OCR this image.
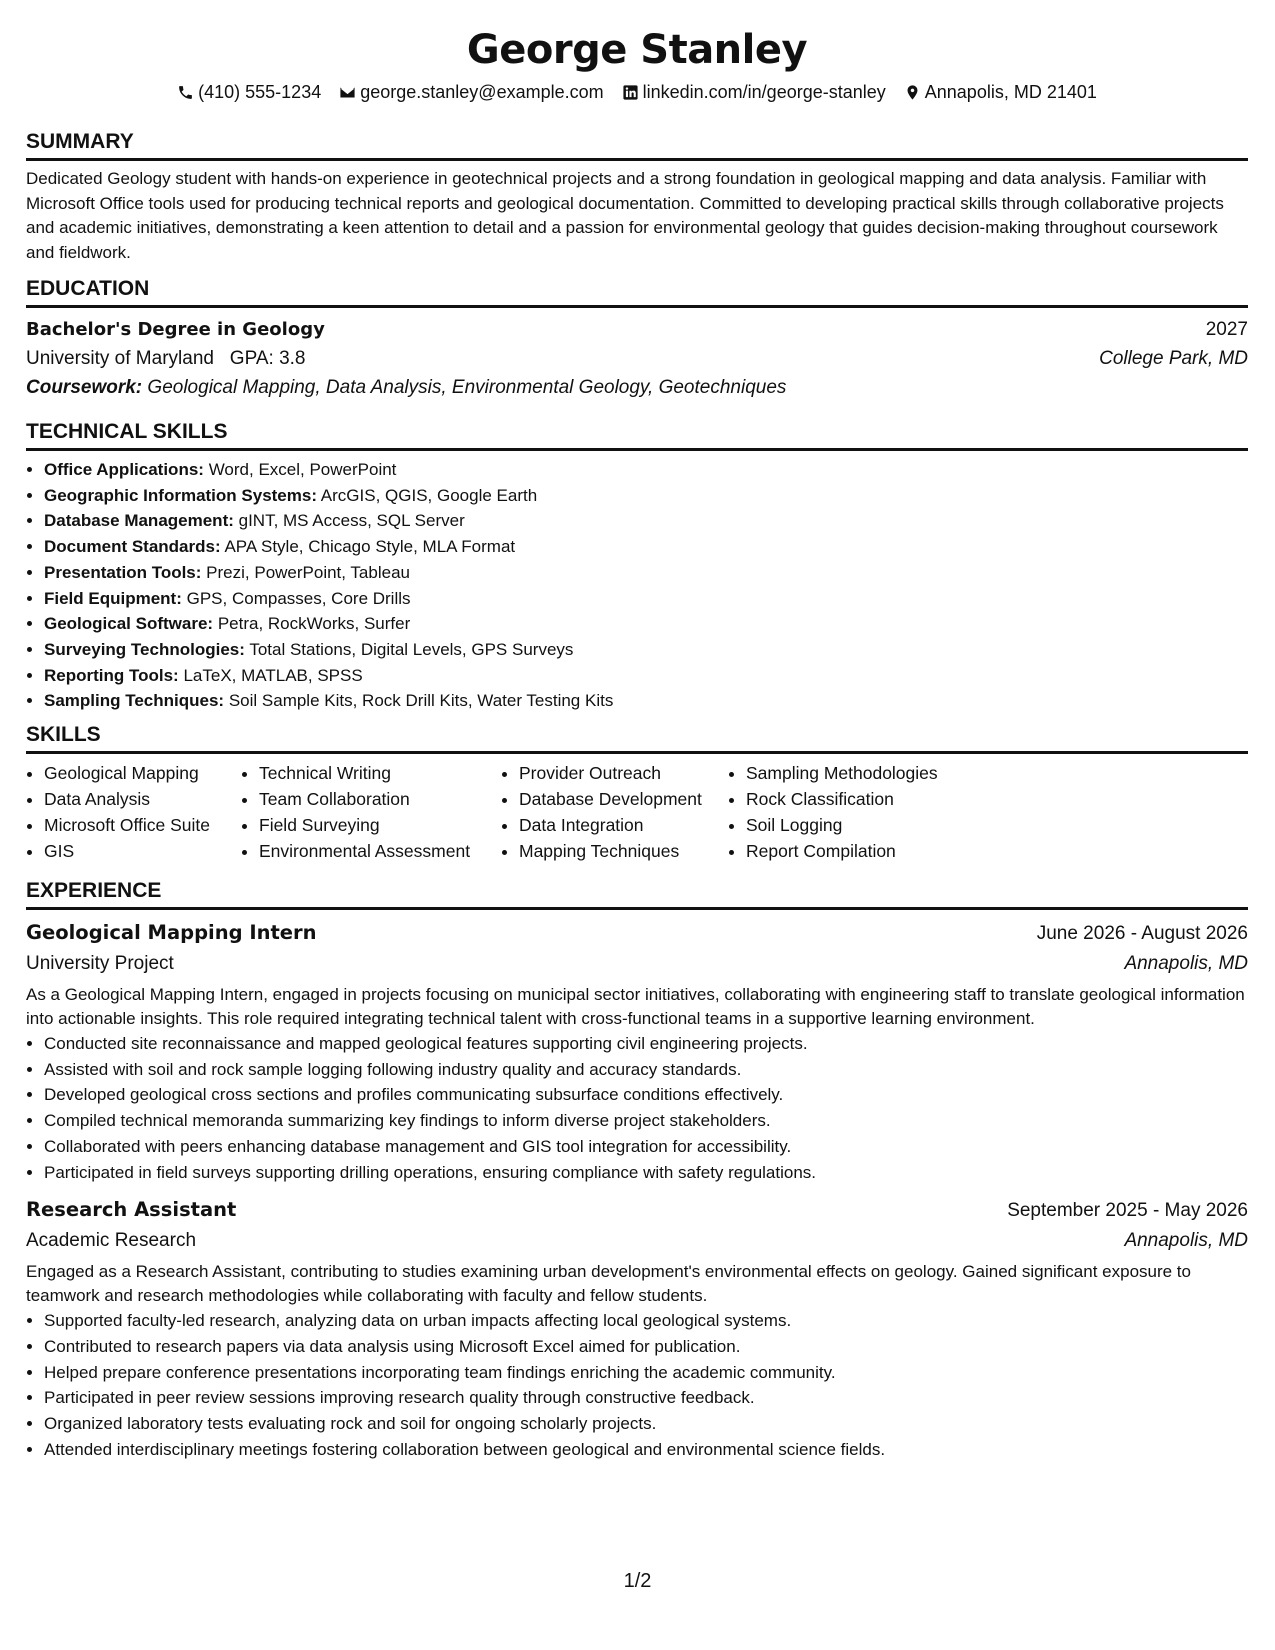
George Stanley
(410) 555-1234 george.stanley@example.com linkedin.com/in/george-stanley Annapolis, MD 21401
SUMMARY

Dedicated Geology student with hands-on experience in geotechnical projects and a strong foundation in geological mapping and data analysis. Familiar with Microsoft Office tools used for producing technical reports and geological documentation. Committed to developing practical skills through collaborative projects and academic initiatives, demonstrating a keen attention to detail and a passion for environmental geology that guides decision-making throughout coursework and fieldwork.

EDUCATION
Bachelor's Degree in Geology	2027
University of Maryland GPA: 3.8	College Park, MD
Coursework: Geological Mapping, Data Analysis, Environmental Geology, Geotechniques
TECHNICAL SKILLS
• Office Applications: Word, Excel, PowerPoint
• Geographic Information Systems: ArcGIS, QGIS, Google Earth
• Database Management: gINT, MS Access, SQL Server
• Document Standards: APA Style, Chicago Style, MLA Format
• Presentation Tools: Prezi, PowerPoint, Tableau
• Field Equipment: GPS, Compasses, Core Drills
• Geological Software: Petra, RockWorks, Surfer
• Surveying Technologies: Total Stations, Digital Levels, GPS Surveys
• Reporting Tools: LaTeX, MATLAB, SPSS
• Sampling Techniques: Soil Sample Kits, Rock Drill Kits, Water Testing Kits
SKILLS
• Geological Mapping
• Data Analysis
• Microsoft Office Suite
• GIS
• Technical Writing
• Team Collaboration
• Field Surveying
• Environmental Assessment
• Provider Outreach
• Database Development
• Data Integration
• Mapping Techniques
• Sampling Methodologies
• Rock Classification
• Soil Logging
• Report Compilation
EXPERIENCE
Geological Mapping Intern	June 2026 - August 2026
University Project	Annapolis, MD

As a Geological Mapping Intern, engaged in projects focusing on municipal sector initiatives, collaborating with engineering staff to translate geological information into actionable insights. This role required integrating technical talent with cross-functional teams in a supportive learning environment.

• Conducted site reconnaissance and mapped geological features supporting civil engineering projects.
• Assisted with soil and rock sample logging following industry quality and accuracy standards.
• Developed geological cross sections and profiles communicating subsurface conditions effectively.
• Compiled technical memoranda summarizing key findings to inform diverse project stakeholders.
• Collaborated with peers enhancing database management and GIS tool integration for accessibility.
• Participated in field surveys supporting drilling operations, ensuring compliance with safety regulations.
Research Assistant	September 2025 - May 2026
Academic Research	Annapolis, MD

Engaged as a Research Assistant, contributing to studies examining urban development's environmental effects on geology. Gained significant exposure to teamwork and research methodologies while collaborating with faculty and fellow students.

• Supported faculty-led research, analyzing data on urban impacts affecting local geological systems.
• Contributed to research papers via data analysis using Microsoft Excel aimed for publication.
• Helped prepare conference presentations incorporating team findings enriching the academic community.
• Participated in peer review sessions improving research quality through constructive feedback.
• Organized laboratory tests evaluating rock and soil for ongoing scholarly projects.
• Attended interdisciplinary meetings fostering collaboration between geological and environmental science fields.
1/2
